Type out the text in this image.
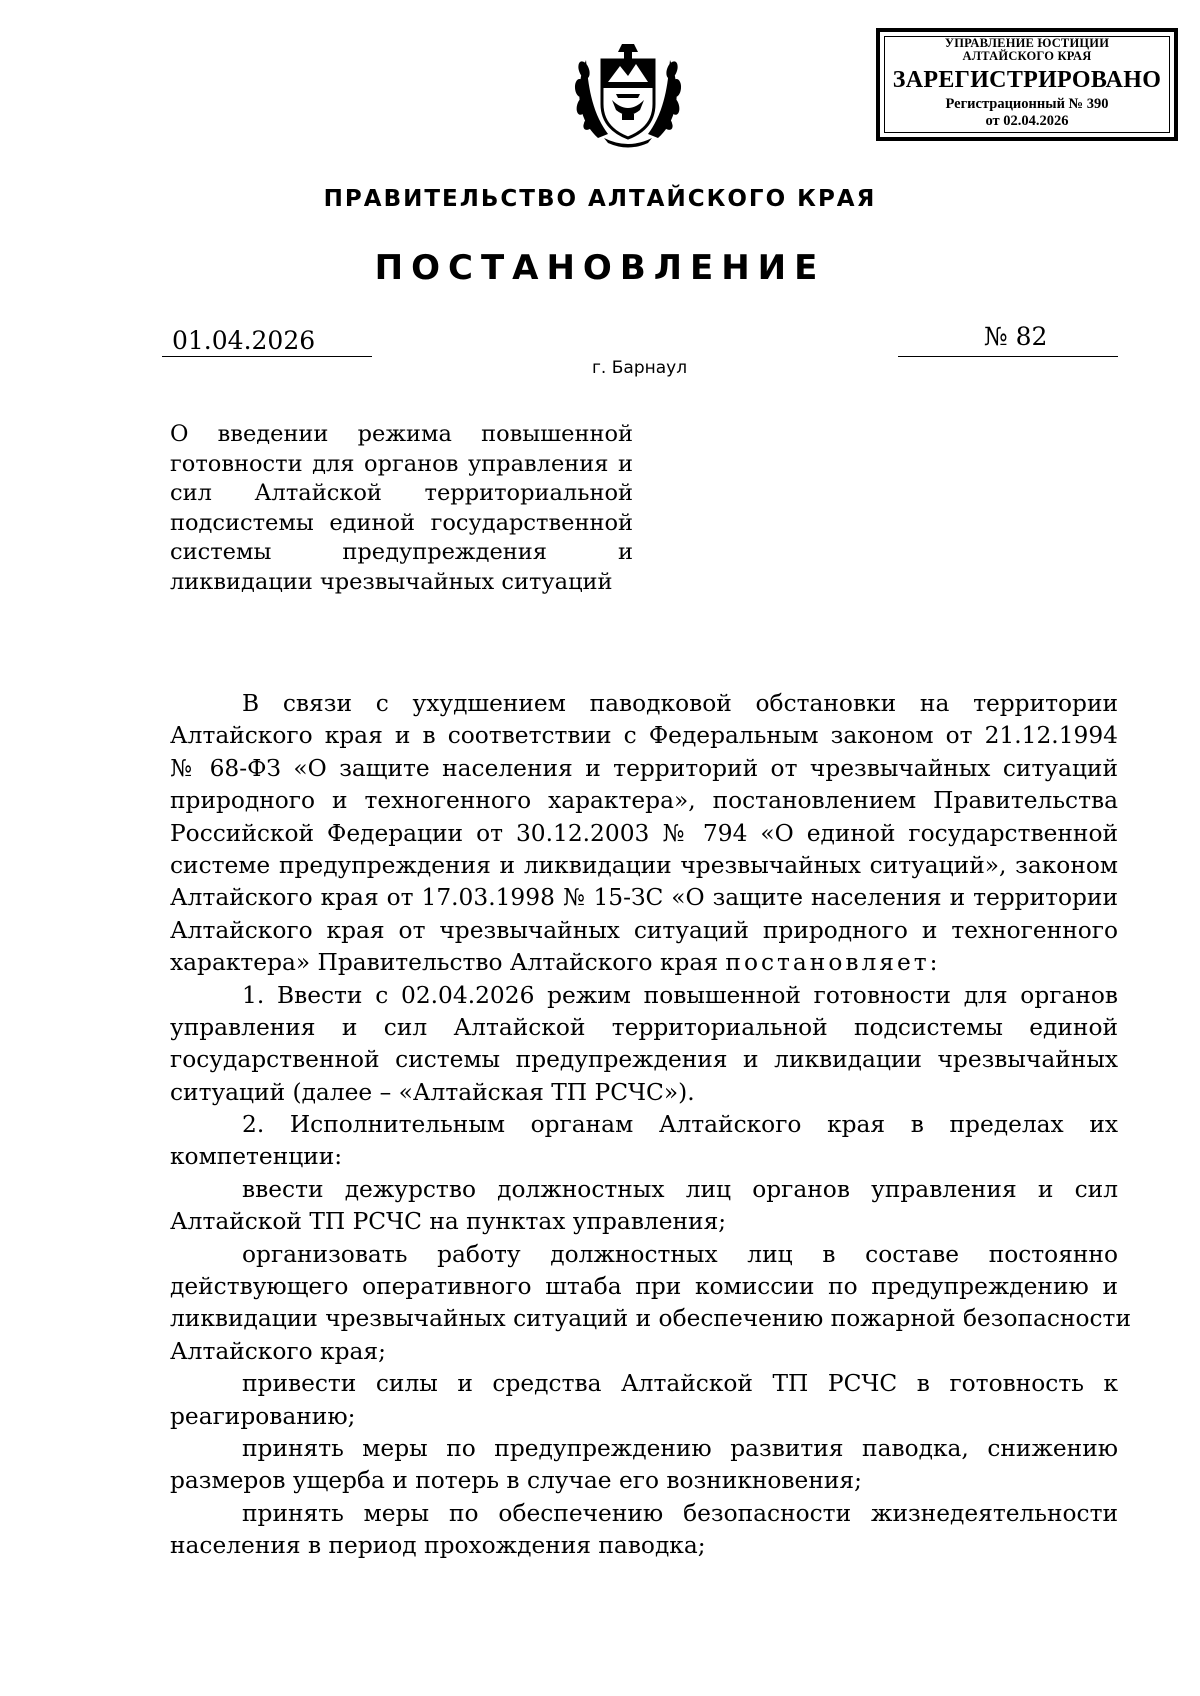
УПРАВЛЕНИЕ ЮСТИЦИИ
АЛТАЙСКОГО КРАЯ
ЗАРЕГИСТРИРОВАНО
Регистрационный № 390
от 02.04.2026
ПРАВИТЕЛЬСТВО АЛТАЙСКОГО КРАЯ
ПОСТАНОВЛЕНИЕ
01.04.2026	№ 82
г. Барнаул
О введении режима повышенной
готовности для органов управления и
сил Алтайской территориальной
подсистемы единой государственной
системы предупреждения и
ликвидации чрезвычайных ситуаций
В связи с ухудшением паводковой обстановки на территории
Алтайского края и в соответствии с Федеральным законом от 21.12.1994
№ 68-ФЗ «О защите населения и территорий от чрезвычайных ситуаций
природного и техногенного характера», постановлением Правительства
Российской Федерации от 30.12.2003 № 794 «О единой государственной
системе предупреждения и ликвидации чрезвычайных ситуаций», законом
Алтайского края от 17.03.1998 № 15-ЗС «О защите населения и территории
Алтайского края от чрезвычайных ситуаций природного и техногенного
характера» Правительство Алтайского края постановляет:
1. Ввести с 02.04.2026 режим повышенной готовности для органов
управления и сил Алтайской территориальной подсистемы единой
государственной системы предупреждения и ликвидации чрезвычайных
ситуаций (далее – «Алтайская ТП РСЧС»).
2. Исполнительным органам Алтайского края в пределах их
компетенции:
ввести дежурство должностных лиц органов управления и сил
Алтайской ТП РСЧС на пунктах управления;
организовать работу должностных лиц в составе постоянно
действующего оперативного штаба при комиссии по предупреждению и
ликвидации чрезвычайных ситуаций и обеспечению пожарной безопасности
Алтайского края;
привести силы и средства Алтайской ТП РСЧС в готовность к
реагированию;
принять меры по предупреждению развития паводка, снижению
размеров ущерба и потерь в случае его возникновения;
принять меры по обеспечению безопасности жизнедеятельности
населения в период прохождения паводка;
